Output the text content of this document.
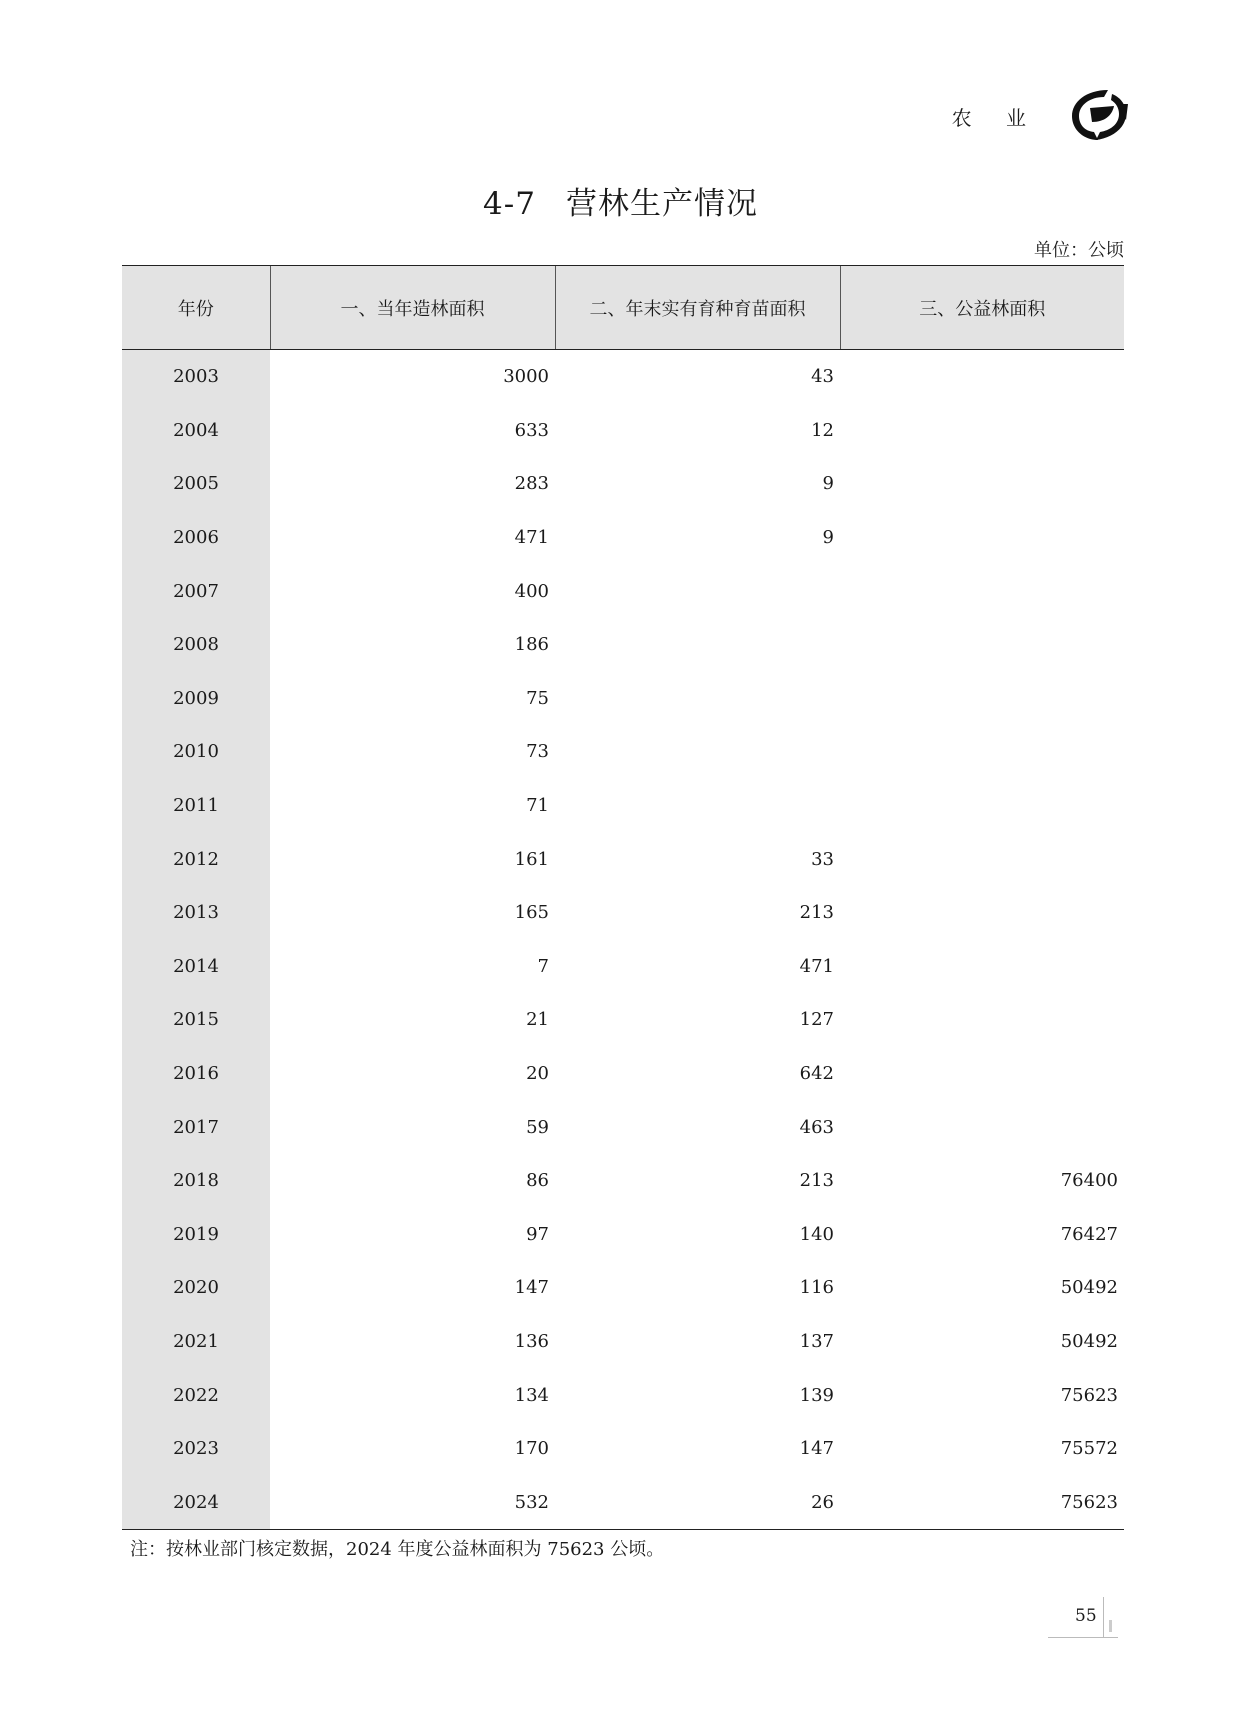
农 业
4-7 营林生产情况
单位：公顷
年份	一、当年造林面积	二、年末实有育种育苗面积	三、公益林面积
2003	3000	43	
2004	633	12	
2005	283	9	
2006	471	9	
2007	400		
2008	186		
2009	75		
2010	73		
2011	71		
2012	161	33	
2013	165	213	
2014	7	471	
2015	21	127	
2016	20	642	
2017	59	463	
2018	86	213	76400
2019	97	140	76427
2020	147	116	50492
2021	136	137	50492
2022	134	139	75623
2023	170	147	75572
2024	532	26	75623
注：按林业部门核定数据，2024 年度公益林面积为 75623 公顷。
55
